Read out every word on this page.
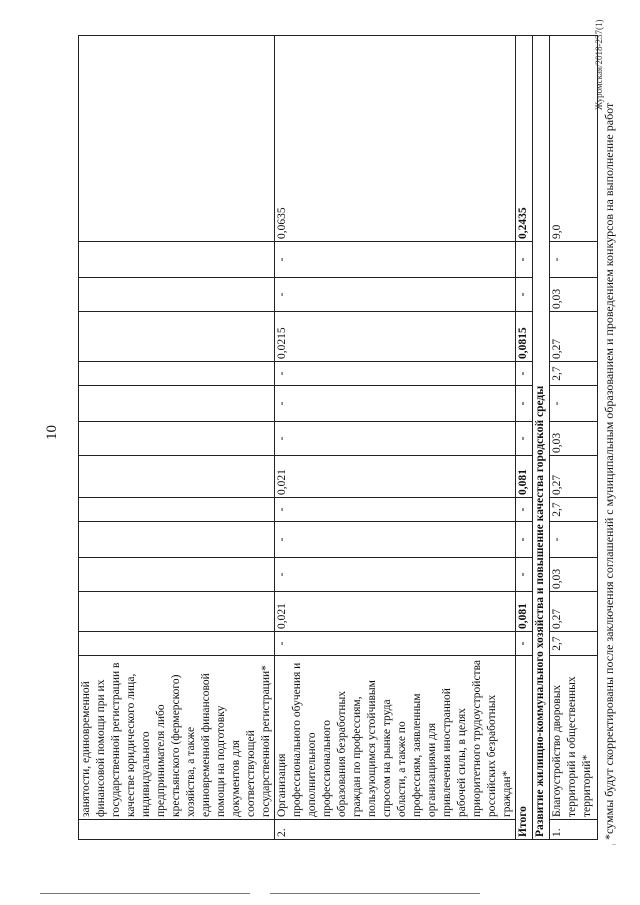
10
Журомская/2018-237(1)
..
	занятости, единовременной финансовой помощи при их государственной регистрации в качестве юридического лица, индивидуального предпринимателя либо крестьянского (фермерского) хозяйства, а также единовременной финансовой помощи на подготовку документов для соответствующей государственной регистрации*													
2.	Организация профессионального обучения и дополнительного профессионального образования безработных граждан по профессиям, пользующимся устойчивым спросом на рынке труда области, а также по профессиям, заявленным организациями для привлечения иностранной рабочей силы, в целях приоритетного трудоустройства российских безработных граждан*	-	0,021	-	-	-	0,021	-	-	-	0,0215	-	-	0,0635
Итого		-	0,081	-	-	-	0,081	-	-	-	0,0815	-	-	0,2435
Развитие жилищно-коммунального хозяйства и повышение качества городской среды														
1.	Благоустройство дворовых территорий и общественных территорий*	2,7	0,27	0,03	-	2,7	0,27	0,03	-	2,7	0,27	0,03	-	9,0	*суммы будут скорректированы после заключения соглашений с муниципальным образованием и проведением конкурсов на выполнение работ
